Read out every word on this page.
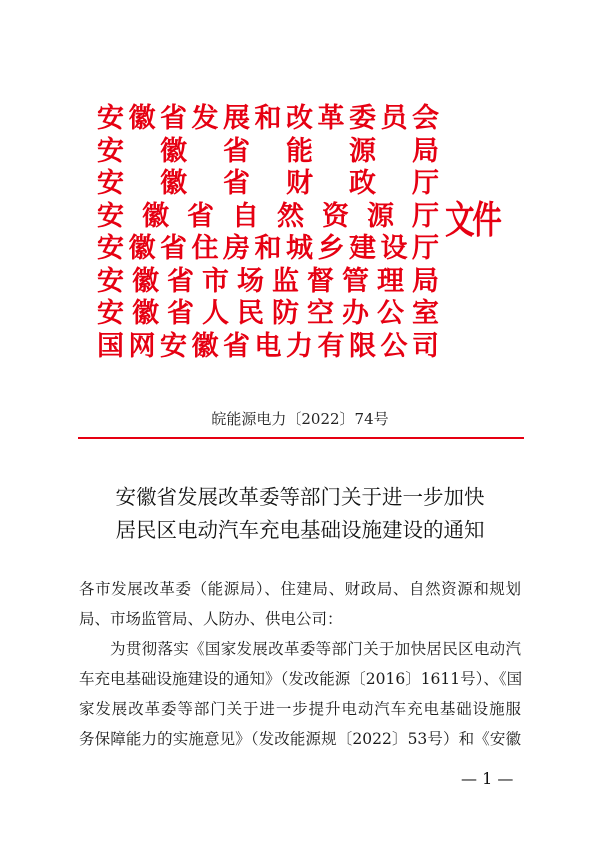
安徽省发展和改革委员会
安徽省能源局
安徽省财政厅
安徽省自然资源厅
安徽省住房和城乡建设厅
安徽省市场监督管理局
安徽省人民防空办公室
国网安徽省电力有限公司
文件
皖能源电力〔2022〕74号
安徽省发展改革委等部门关于进一步加快
居民区电动汽车充电基础设施建设的通知
各市发展改革委（能源局）、住建局、财政局、自然资源和规划
局、市场监管局、人防办、供电公司：
为贯彻落实《国家发展改革委等部门关于加快居民区电动汽
车充电基础设施建设的通知》（发改能源〔2016〕1611号）、《国
家发展改革委等部门关于进一步提升电动汽车充电基础设施服
务保障能力的实施意见》（发改能源规〔2022〕53号）和《安徽
— 1 —
